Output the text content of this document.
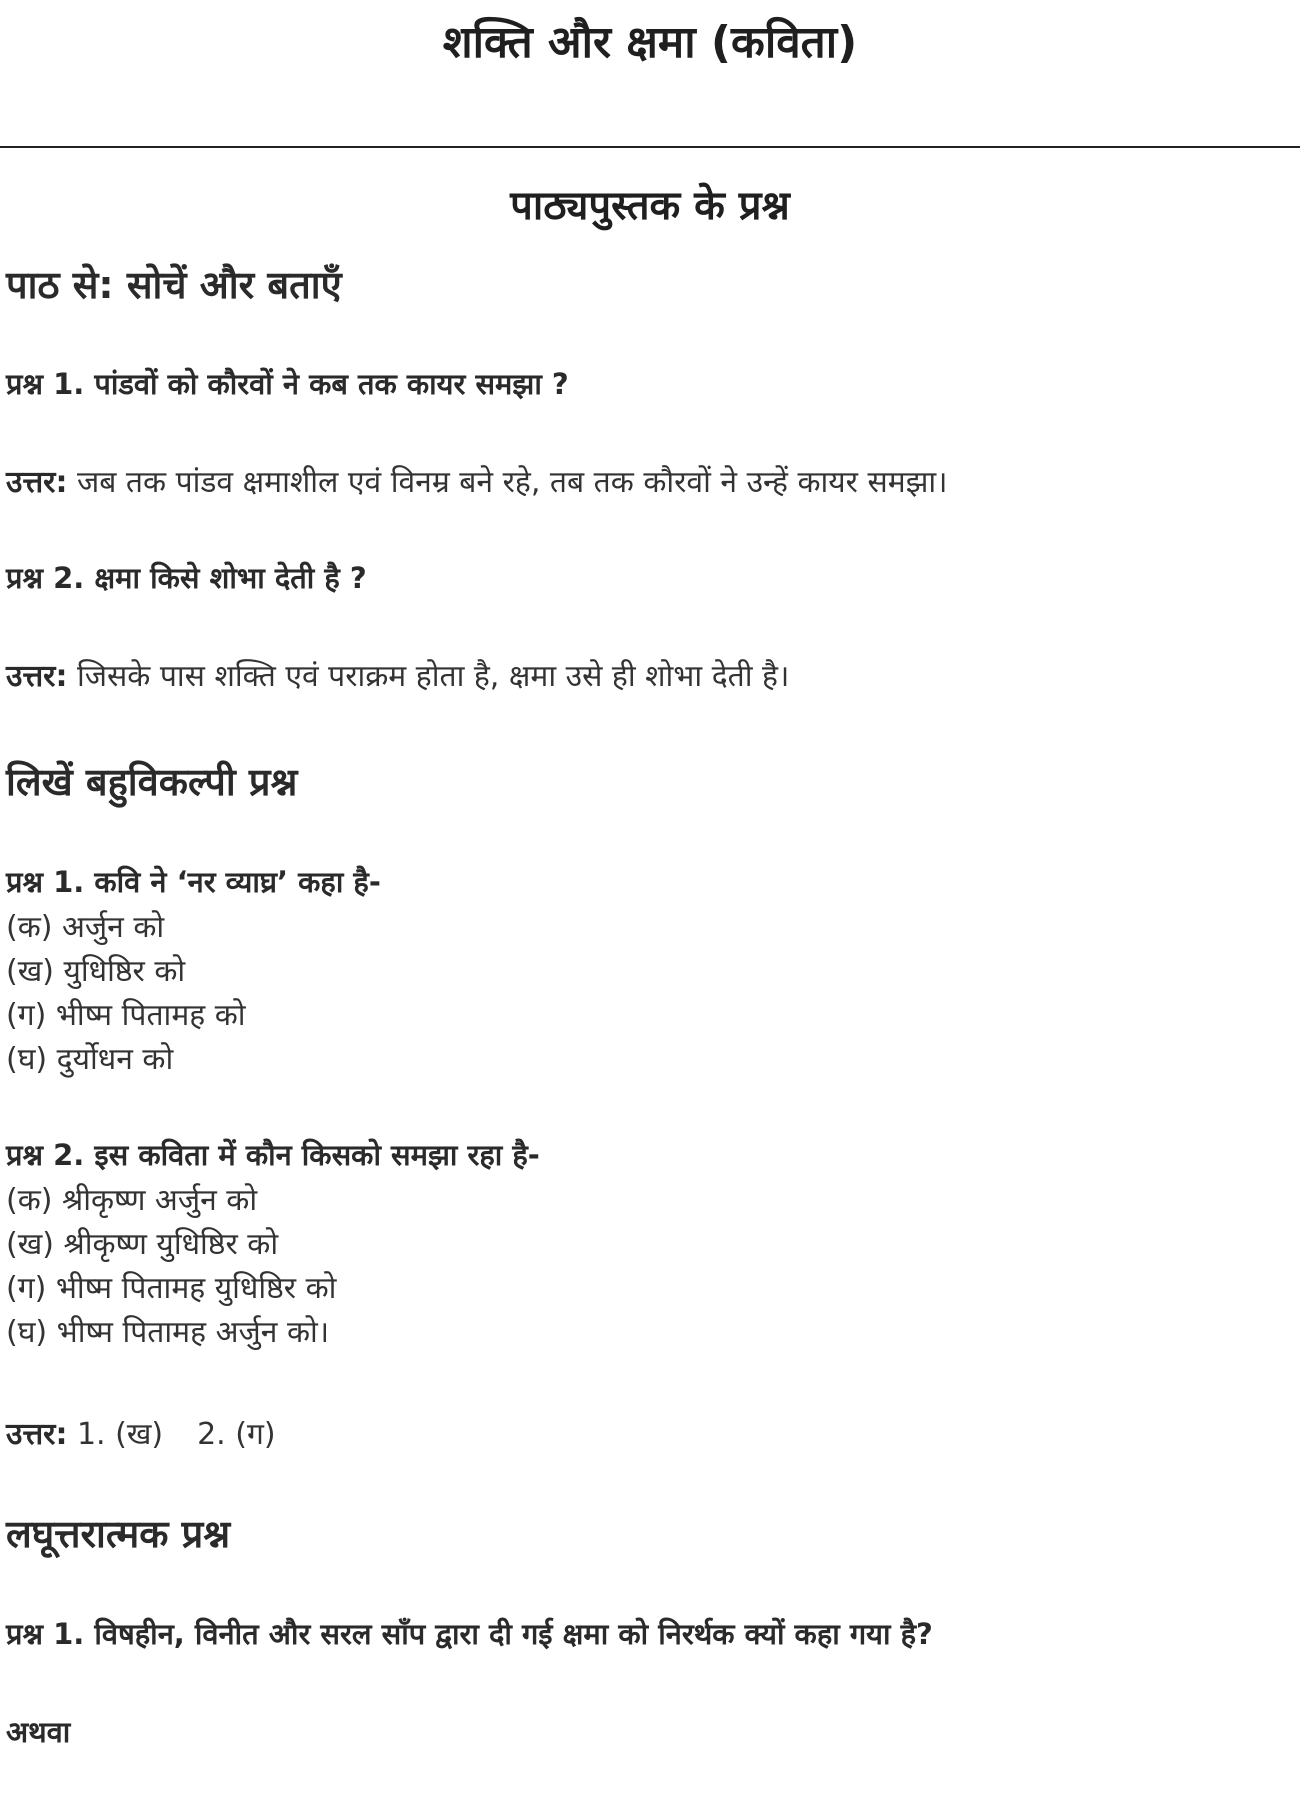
शक्ति और क्षमा (कविता)
पाठ्यपुस्तक के प्रश्न
पाठ से: सोचें और बताएँ
प्रश्न 1. पांडवों को कौरवों ने कब तक कायर समझा ?
उत्तर: जब तक पांडव क्षमाशील एवं विनम्र बने रहे, तब तक कौरवों ने उन्हें कायर समझा।
प्रश्न 2. क्षमा किसे शोभा देती है ?
उत्तर: जिसके पास शक्ति एवं पराक्रम होता है, क्षमा उसे ही शोभा देती है।
लिखें बहुविकल्पी प्रश्न
प्रश्न 1. कवि ने ‘नर व्याघ्र’ कहा है-
(क) अर्जुन को
(ख) युधिष्ठिर को
(ग) भीष्म पितामह को
(घ) दुर्योधन को
प्रश्न 2. इस कविता में कौन किसको समझा रहा है-
(क) श्रीकृष्ण अर्जुन को
(ख) श्रीकृष्ण युधिष्ठिर को
(ग) भीष्म पितामह युधिष्ठिर को
(घ) भीष्म पितामह अर्जुन को।
उत्तर: 1. (ख) 2. (ग)
लघूत्तरात्मक प्रश्न
प्रश्न 1. विषहीन, विनीत और सरल साँप द्वारा दी गई क्षमा को निरर्थक क्यों कहा गया है?
अथवा
